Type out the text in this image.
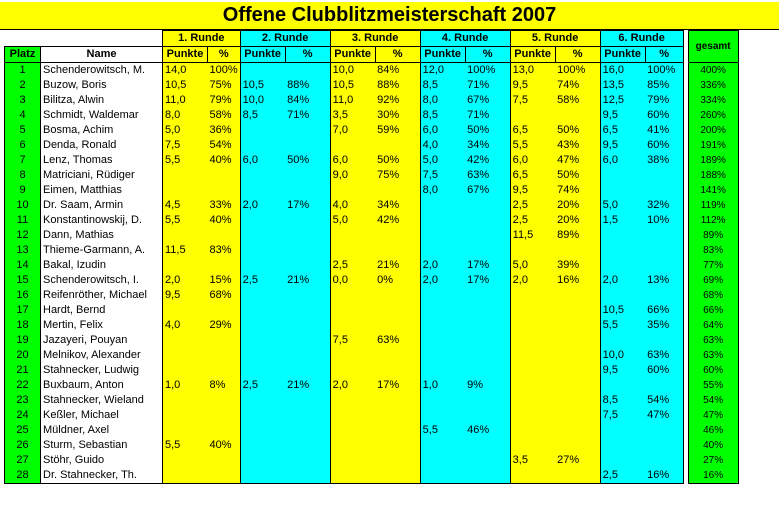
Offene Clubblitzmeisterschaft 2007
		1. Runde		2. Runde		3. Runde		4. Runde		5. Runde		6. Runde			gesamt
Platz	Name	Punkte	%	Punkte	%	Punkte	%	Punkte	%	Punkte	%	Punkte	%		
1	Schenderowitsch, M.	14,0	100%			10,0	84%	12,0	100%	13,0	100%	16,0	100%		400%
2	Buzow, Boris	10,5	75%	10,5	88%	10,5	88%	8,5	71%	9,5	74%	13,5	85%		336%
3	Bilitza, Alwin	11,0	79%	10,0	84%	11,0	92%	8,0	67%	7,5	58%	12,5	79%		334%
4	Schmidt, Waldemar	8,0	58%	8,5	71%	3,5	30%	8,5	71%			9,5	60%		260%
5	Bosma, Achim	5,0	36%			7,0	59%	6,0	50%	6,5	50%	6,5	41%		200%
6	Denda, Ronald	7,5	54%					4,0	34%	5,5	43%	9,5	60%		191%
7	Lenz, Thomas	5,5	40%	6,0	50%	6,0	50%	5,0	42%	6,0	47%	6,0	38%		189%
8	Matriciani, Rüdiger					9,0	75%	7,5	63%	6,5	50%				188%
9	Eimen, Matthias							8,0	67%	9,5	74%				141%
10	Dr. Saam, Armin	4,5	33%	2,0	17%	4,0	34%			2,5	20%	5,0	32%		119%
11	Konstantinowskij, D.	5,5	40%			5,0	42%			2,5	20%	1,5	10%		112%
12	Dann, Mathias									11,5	89%				89%
13	Thieme-Garmann, A.	11,5	83%												83%
14	Bakal, Izudin					2,5	21%	2,0	17%	5,0	39%				77%
15	Schenderowitsch, I.	2,0	15%	2,5	21%	0,0	0%	2,0	17%	2,0	16%	2,0	13%		69%
16	Reifenröther, Michael	9,5	68%												68%
17	Hardt, Bernd											10,5	66%		66%
18	Mertin, Felix	4,0	29%									5,5	35%		64%
19	Jazayeri, Pouyan					7,5	63%								63%
20	Melnikov, Alexander											10,0	63%		63%
21	Stahnecker, Ludwig											9,5	60%		60%
22	Buxbaum, Anton	1,0	8%	2,5	21%	2,0	17%	1,0	9%						55%
23	Stahnecker, Wieland											8,5	54%		54%
24	Keßler, Michael											7,5	47%		47%
25	Müldner, Axel							5,5	46%						46%
26	Sturm, Sebastian	5,5	40%												40%
27	Stöhr, Guido									3,5	27%				27%
28	Dr. Stahnecker, Th.											2,5	16%		16%
